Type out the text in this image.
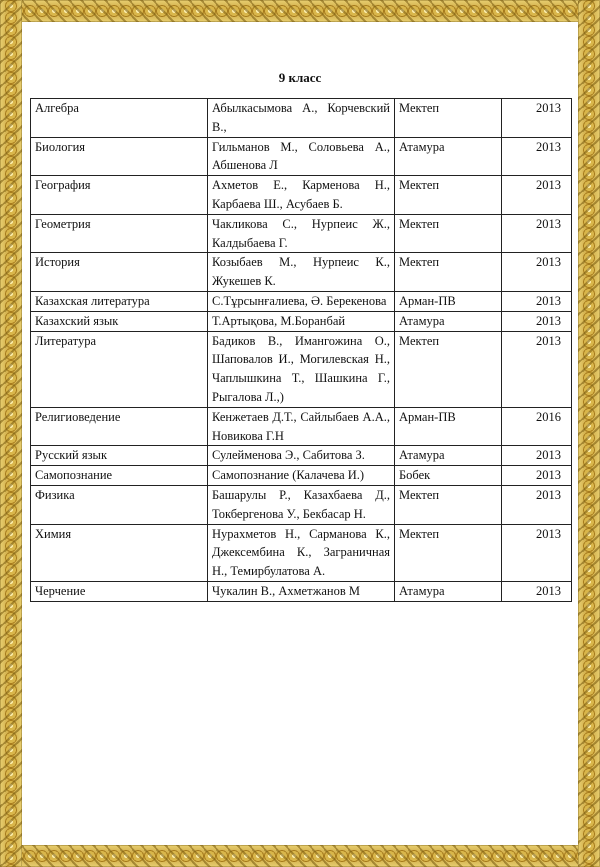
9 класс
Алгебра	Абылкасымова А., Корчевский В.,	Мектеп	2013
Биология	Гильманов М., Соловьева А., Абшенова Л	Атамура	2013
География	Ахметов Е., Карменова Н., Карбаева Ш., Асубаев Б.	Мектеп	2013
Геометрия	Чакликова С., Нурпеис Ж., Калдыбаева Г.	Мектеп	2013
История	Козыбаев М., Нурпеис К., Жукешев К.	Мектеп	2013
Казахская литература	С.Тұрсынғалиева, Ә. Берекенова	Арман-ПВ	2013
Казахский язык	Т.Артықова, М.Боранбай	Атамура	2013
Литература	Бадиков В., Имангожина О., Шаповалов И., Могилевская Н., Чаплышкина Т., Шашкина Г., Рыгалова Л.,)	Мектеп	2013
Религиоведение	Кенжетаев Д.Т., Сайлыбаев А.А., Новикова Г.Н	Арман-ПВ	2016
Русский язык	Сулейменова Э., Сабитова З.	Атамура	2013
Самопознание	Самопознание (Калачева И.)	Бобек	2013
Физика	Башарулы Р., Казахбаева Д., Токбергенова У., Бекбасар Н.	Мектеп	2013
Химия	Нурахметов Н., Сарманова К., Джексембина К., Заграничная Н., Темирбулатова А.	Мектеп	2013
Черчение	Чукалин В., Ахметжанов М	Атамура	2013
